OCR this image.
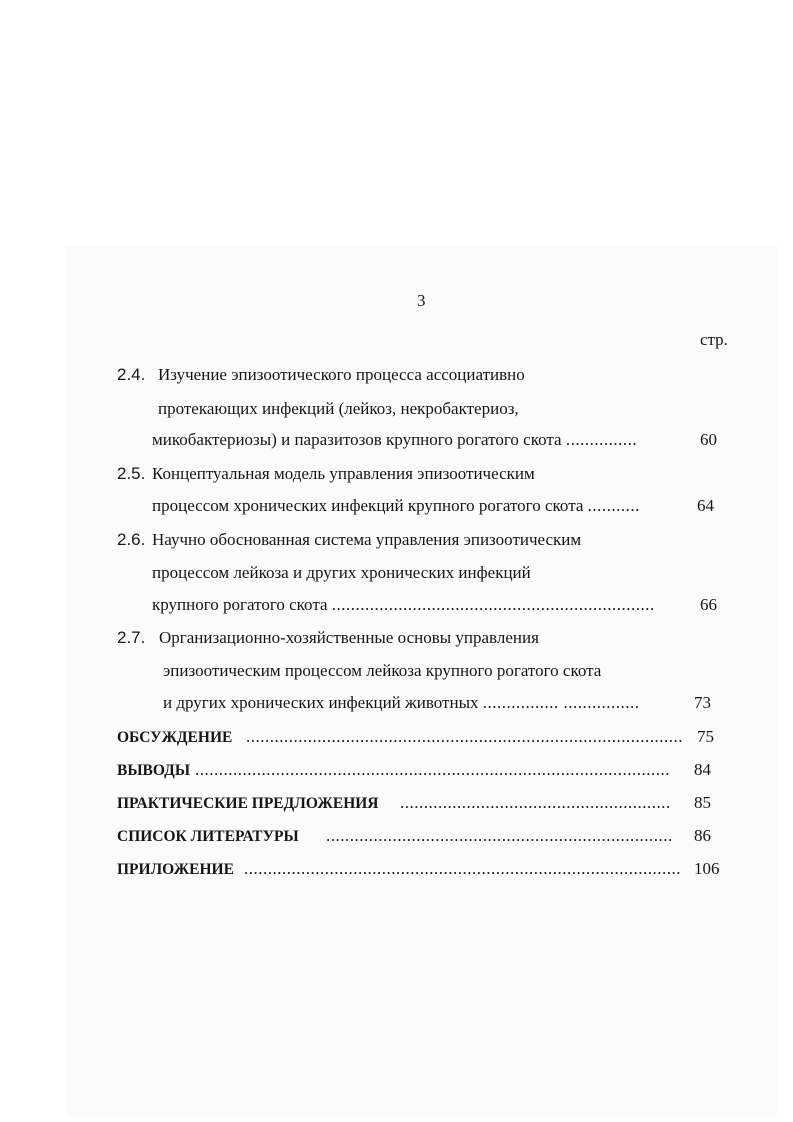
3
стр.
2.4. Изучение эпизоотического процесса ассоциативно
протекающих инфекций (лейкоз, некробактериоз,
микобактериозы) и паразитозов крупного рогатого скота ...............	60
2.5. Концептуальная модель управления эпизоотическим
процессом хронических инфекций крупного рогатого скота ...........	64
2.6. Научно обоснованная система управления эпизоотическим
процессом лейкоза и других хронических инфекций
крупного рогатого скота ....................................................................	66
2.7. Организационно-хозяйственные основы управления
эпизоотическим процессом лейкоза крупного рогатого скота
и других хронических инфекций животных ................ ................	73
ОБСУЖДЕНИЕ ............................................................................................ 75
ВЫВОДЫ .................................................................................................... 84
ПРАКТИЧЕСКИЕ ПРЕДЛОЖЕНИЯ ......................................................... 85
СПИСОК ЛИТЕРАТУРЫ ......................................................................... 86
ПРИЛОЖЕНИЕ ............................................................................................ 106
